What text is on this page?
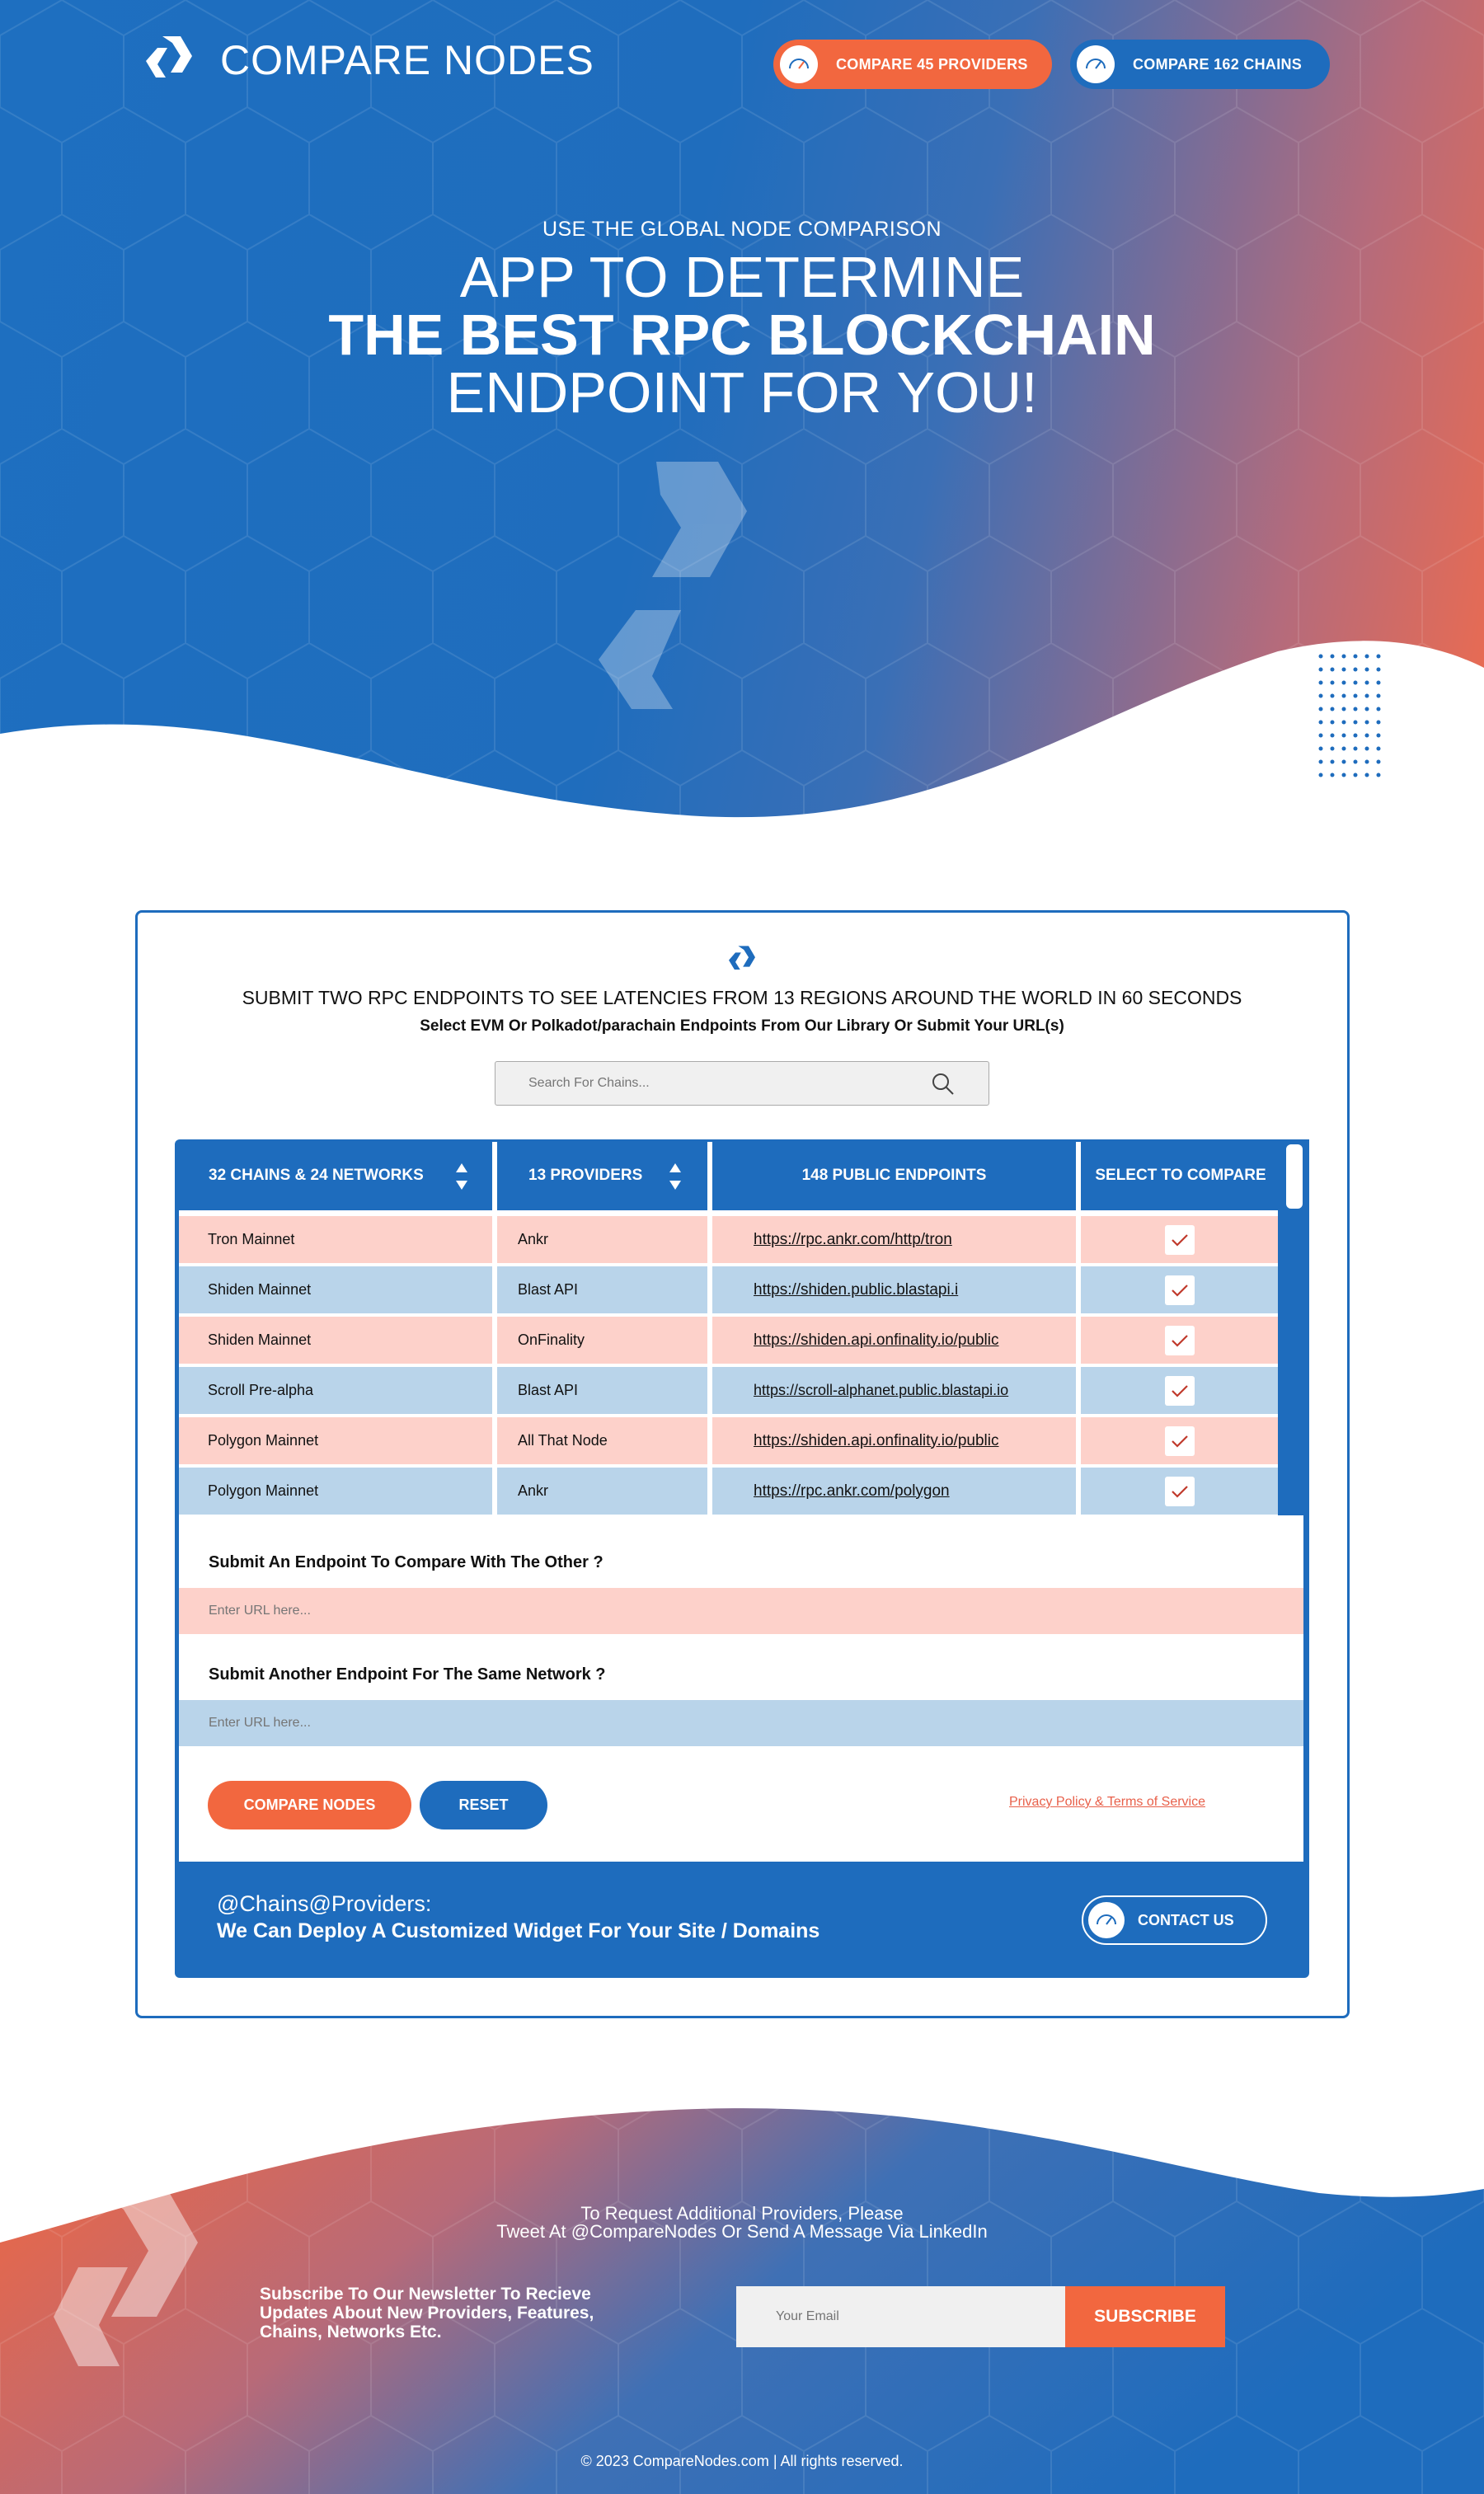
COMPARE NODES	COMPARE 45 PROVIDERS	COMPARE 162 CHAINS
USE THE GLOBAL NODE COMPARISON
APP TO DETERMINE
THE BEST RPC BLOCKCHAIN
ENDPOINT FOR YOU!
SUBMIT TWO RPC ENDPOINTS TO SEE LATENCIES FROM 13 REGIONS AROUND THE WORLD IN 60 SECONDS
Select EVM Or Polkadot/parachain Endpoints From Our Library Or Submit Your URL(s)
Search For Chains...
32 CHAINS & 24 NETWORKS	13 PROVIDERS	148 PUBLIC ENDPOINTS	SELECT TO COMPARE
Tron Mainnet	Ankr	https://rpc.ankr.com/http/tron
Shiden Mainnet	Blast API	https://shiden.public.blastapi.i
Shiden Mainnet	OnFinality	https://shiden.api.onfinality.io/public
Scroll Pre-alpha	Blast API	https://scroll-alphanet.public.blastapi.io
Polygon Mainnet	All That Node	https://shiden.api.onfinality.io/public
Polygon Mainnet	Ankr	https://rpc.ankr.com/polygon
Submit An Endpoint To Compare With The Other ?
Enter URL here...
Submit Another Endpoint For The Same Network ?
Enter URL here...
COMPARE NODES	RESET	Privacy Policy & Terms of Service
@Chains@Providers:
We Can Deploy A Customized Widget For Your Site / Domains	CONTACT US
To Request Additional Providers, Please
Tweet At @CompareNodes Or Send A Message Via LinkedIn
Subscribe To Our Newsletter To Recieve Updates About New Providers, Features, Chains, Networks Etc.
Your Email
SUBSCRIBE
© 2023 CompareNodes.com | All rights reserved.
